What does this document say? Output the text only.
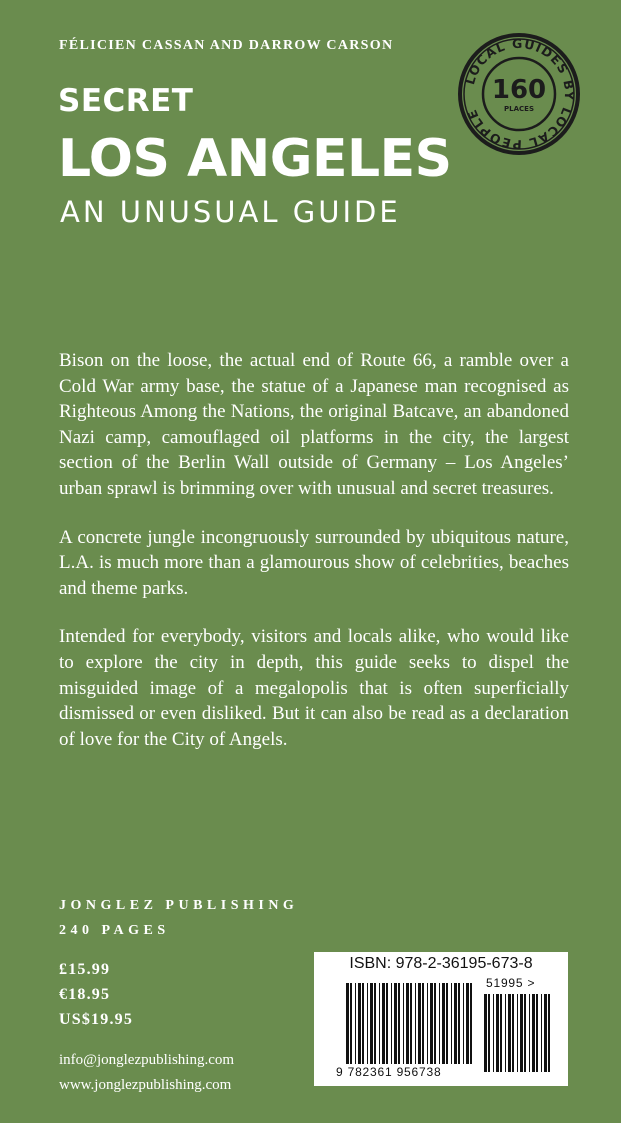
FÉLICIEN CASSAN AND DARROW CARSON
SECRET
LOS ANGELES
AN UNUSUAL GUIDE
LOCAL GUIDES BY LOCAL PEOPLE
160
PLACES

Bison on the loose, the actual end of Route 66, a ramble over a Cold War army base, the statue of a Japanese man recognised as Righteous Among the Nations, the original Batcave, an abandoned Nazi camp, camouflaged oil platforms in the city, the largest section of the Berlin Wall outside of Germany – Los Angeles’ urban sprawl is brimming over with unusual and secret treasures.

A concrete jungle incongruously surrounded by ubiquitous nature, L.A. is much more than a glamourous show of celebrities, beaches and theme parks.

Intended for everybody, visitors and locals alike, who would like to explore the city in depth, this guide seeks to dispel the misguided image of a megalopolis that is often superficially dismissed or even disliked. But it can also be read as a declaration of love for the City of Angels.

JONGLEZ PUBLISHING
240 PAGES
£15.99
€18.95
US$19.95
info@jonglezpublishing.com
www.jonglezpublishing.com
ISBN: 978-2-36195-673-8
9 782361 956738
51995 >
